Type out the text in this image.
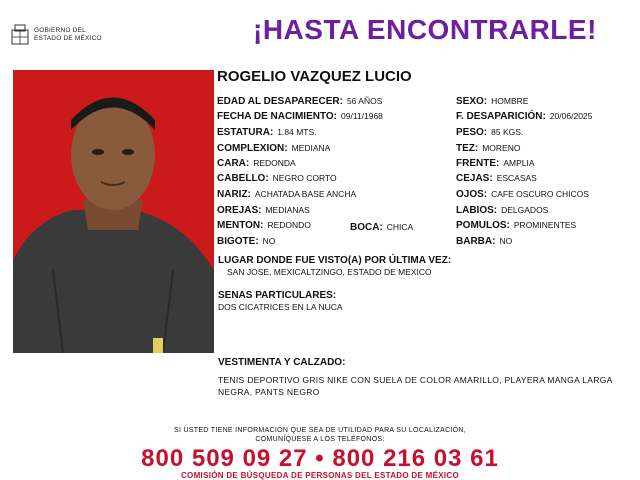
GOBIERNO DEL
ESTADO DE MÉXICO	¡HASTA ENCONTRARLE!
ROGELIO VAZQUEZ LUCIO
EDAD AL DESAPARECER: 56 AÑOS
FECHA DE NACIMIENTO: 09/11/1968
ESTATURA: 1.84 MTS.
COMPLEXION: MEDIANA
CARA: REDONDA
CABELLO: NEGRO CORTO
NARIZ: ACHATADA BASE ANCHA
OREJAS: MEDIANAS
MENTON: REDONDO	BOCA: CHICA
BIGOTE: NO
SEXO: HOMBRE
F. DESAPARICIÓN: 20/06/2025
PESO: 85 KGS.
TEZ: MORENO
FRENTE: AMPLIA
CEJAS: ESCASAS
OJOS: CAFE OSCURO CHICOS
LABIOS: DELGADOS
POMULOS: PROMINENTES
BARBA: NO
LUGAR DONDE FUE VISTO(A) POR ÚLTIMA VEZ:
SAN JOSE, MEXICALTZINGO, ESTADO DE MEXICO
SENAS PARTICULARES:
DOS CICATRICES EN LA NUCA
VESTIMENTA Y CALZADO:
TENIS DEPORTIVO GRIS NIKE CON SUELA DE COLOR AMARILLO, PLAYERA MANGA LARGA NEGRA, PANTS NEGRO
SI USTED TIENE INFORMACIÓN QUE SEA DE UTILIDAD PARA SU LOCALIZACIÓN,
COMUNÍQUESE A LOS TELÉFONOS:
800 509 09 27 • 800 216 03 61
COMISIÓN DE BÚSQUEDA DE PERSONAS DEL ESTADO DE MÉXICO
